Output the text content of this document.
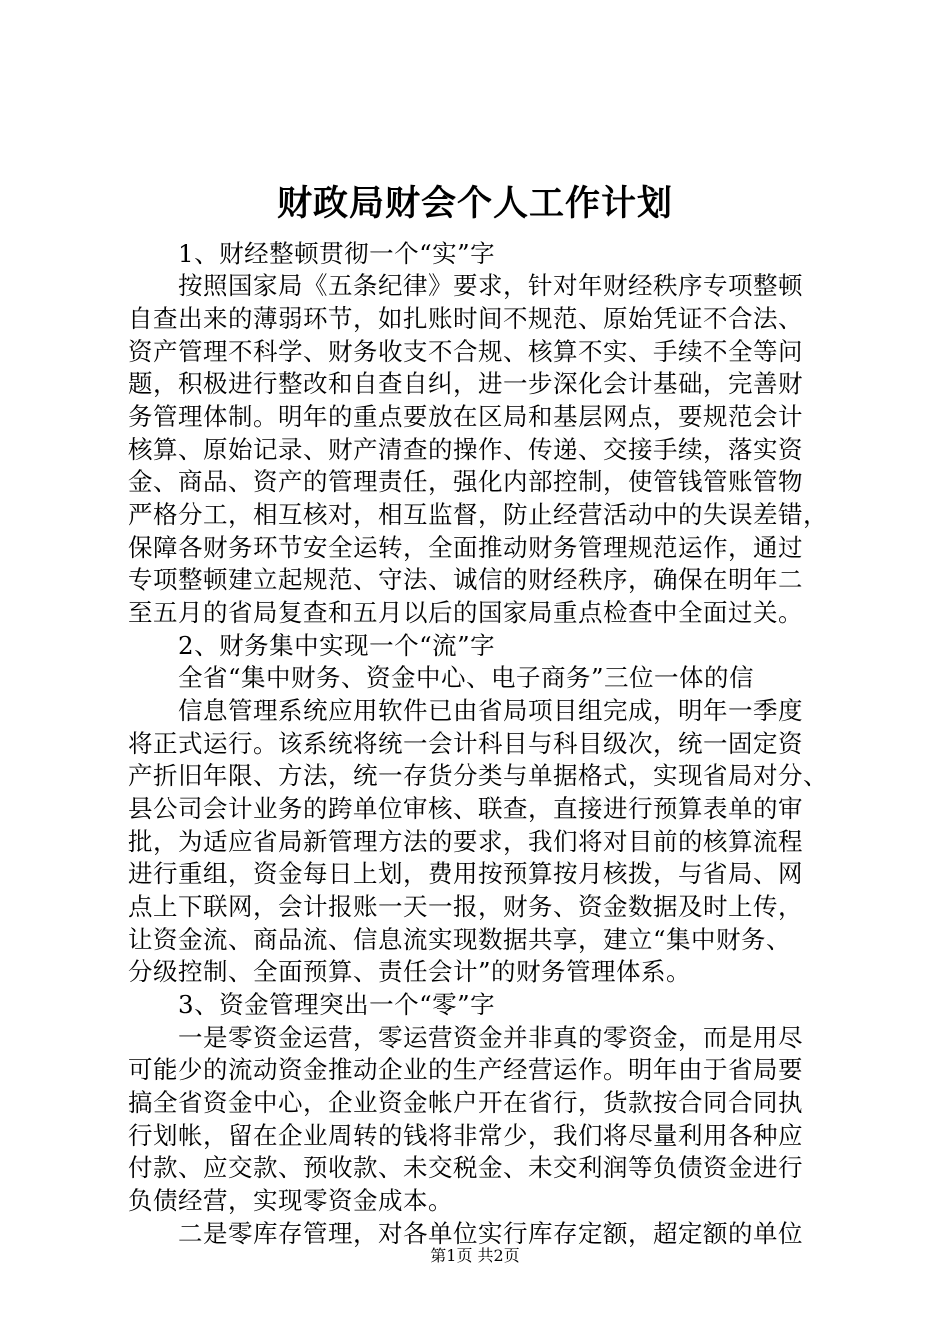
财政局财会个人工作计划
1、财经整顿贯彻一个“实”字
按照国家局《五条纪律》要求，针对年财经秩序专项整顿
自查出来的薄弱环节，如扎账时间不规范、原始凭证不合法、
资产管理不科学、财务收支不合规、核算不实、手续不全等问
题，积极进行整改和自查自纠，进一步深化会计基础，完善财
务管理体制。明年的重点要放在区局和基层网点，要规范会计
核算、原始记录、财产清查的操作、传递、交接手续，落实资
金、商品、资产的管理责任，强化内部控制，使管钱管账管物
严格分工，相互核对，相互监督，防止经营活动中的失误差错，
保障各财务环节安全运转，全面推动财务管理规范运作，通过
专项整顿建立起规范、守法、诚信的财经秩序，确保在明年二
至五月的省局复查和五月以后的国家局重点检查中全面过关。
2、财务集中实现一个“流”字
全省“集中财务、资金中心、电子商务”三位一体的信
信息管理系统应用软件已由省局项目组完成，明年一季度
将正式运行。该系统将统一会计科目与科目级次，统一固定资
产折旧年限、方法，统一存货分类与单据格式，实现省局对分、
县公司会计业务的跨单位审核、联查，直接进行预算表单的审
批，为适应省局新管理方法的要求，我们将对目前的核算流程
进行重组，资金每日上划，费用按预算按月核拨，与省局、网
点上下联网，会计报账一天一报，财务、资金数据及时上传，
让资金流、商品流、信息流实现数据共享，建立“集中财务、
分级控制、全面预算、责任会计”的财务管理体系。
3、资金管理突出一个“零”字
一是零资金运营，零运营资金并非真的零资金，而是用尽
可能少的流动资金推动企业的生产经营运作。明年由于省局要
搞全省资金中心，企业资金帐户开在省行，货款按合同合同执
行划帐，留在企业周转的钱将非常少，我们将尽量利用各种应
付款、应交款、预收款、未交税金、未交利润等负债资金进行
负债经营，实现零资金成本。
二是零库存管理，对各单位实行库存定额，超定额的单位
第1页 共2页
